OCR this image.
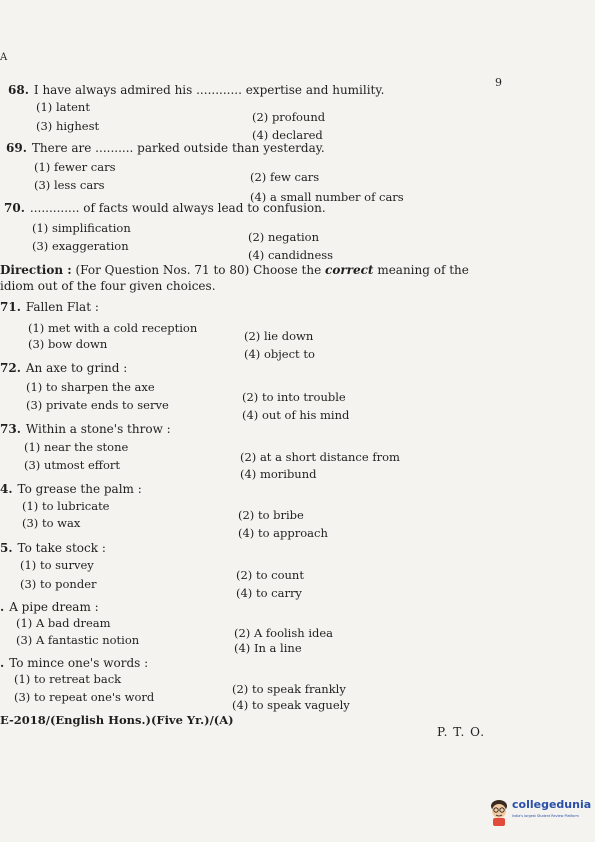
A
9
68. I have always admired his ............ expertise and humility.
(1) latent
(2) profound
(3) highest
(4) declared
69. There are .......... parked outside than yesterday.
(1) fewer cars
(2) few cars
(3) less cars
(4) a small number of cars
70. ............. of facts would always lead to confusion.
(1) simplification
(2) negation
(3) exaggeration
(4) candidness
Direction : (For Question Nos. 71 to 80) Choose the correct meaning of the idiom out of the four given choices.
71. Fallen Flat :
(1) met with a cold reception
(2) lie down
(3) bow down
(4) object to
72. An axe to grind :
(1) to sharpen the axe
(2) to into trouble
(3) private ends to serve
(4) out of his mind
73. Within a stone's throw :
(1) near the stone
(2) at a short distance from
(3) utmost effort
(4) moribund
4. To grease the palm :
(1) to lubricate
(2) to bribe
(3) to wax
(4) to approach
5. To take stock :
(1) to survey
(2) to count
(3) to ponder
(4) to carry
. A pipe dream :
(1) A bad dream
(2) A foolish idea
(3) A fantastic notion
(4) In a line
. To mince one's words :
(1) to retreat back
(2) to speak frankly
(3) to repeat one's word
(4) to speak vaguely
E-2018/(English Hons.)(Five Yr.)/(A)
P. T. O.
collegedunia
India's largest Student Review Platform
